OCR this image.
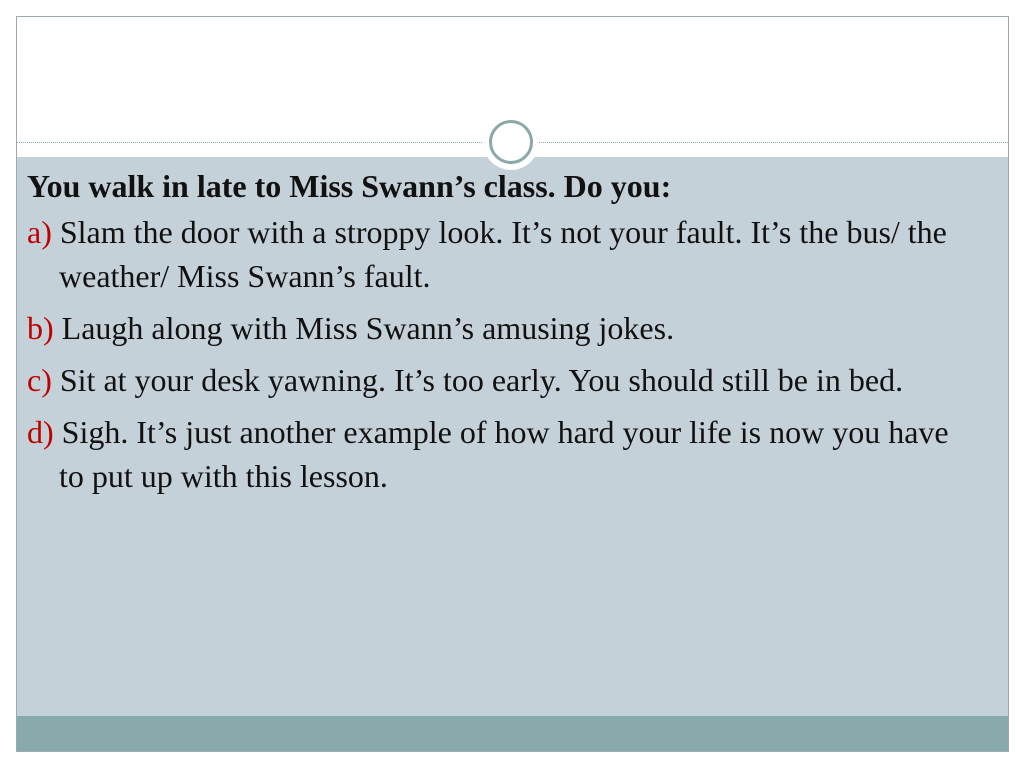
You walk in late to Miss Swann’s class. Do you:
a) Slam the door with a stroppy look. It’s not your fault. It’s the bus/ the weather/ Miss Swann’s fault.
b) Laugh along with Miss Swann’s amusing jokes.
c) Sit at your desk yawning. It’s too early. You should still be in bed.
d) Sigh. It’s just another example of how hard your life is now you have to put up with this lesson.
